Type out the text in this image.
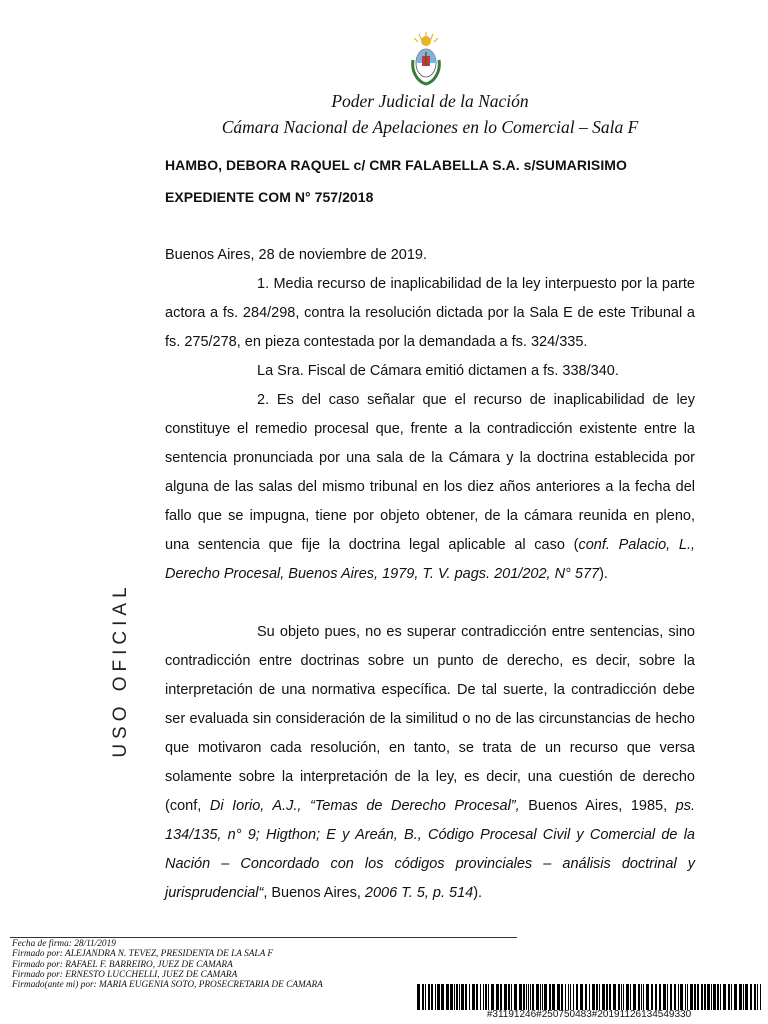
Poder Judicial de la Nación
Cámara Nacional de Apelaciones en lo Comercial – Sala F
HAMBO, DEBORA RAQUEL c/ CMR FALABELLA S.A. s/SUMARISIMO
EXPEDIENTE COM N° 757/2018

Buenos Aires, 28 de noviembre de 2019.

1. Media recurso de inaplicabilidad de la ley interpuesto por la parte actora a fs. 284/298, contra la resolución dictada por la Sala E de este Tribunal a fs. 275/278, en pieza contestada por la demandada a fs. 324/335.

La Sra. Fiscal de Cámara emitió dictamen a fs. 338/340.

2. Es del caso señalar que el recurso de inaplicabilidad de ley constituye el remedio procesal que, frente a la contradicción existente entre la sentencia pronunciada por una sala de la Cámara y la doctrina establecida por alguna de las salas del mismo tribunal en los diez años anteriores a la fecha del fallo que se impugna, tiene por objeto obtener, de la cámara reunida en pleno, una sentencia que fije la doctrina legal aplicable al caso (conf. Palacio, L., Derecho Procesal, Buenos Aires, 1979, T. V. pags. 201/202, N° 577).

Su objeto pues, no es superar contradicción entre sentencias, sino contradicción entre doctrinas sobre un punto de derecho, es decir, sobre la interpretación de una normativa específica. De tal suerte, la contradicción debe ser evaluada sin consideración de la similitud o no de las circunstancias de hecho que motivaron cada resolución, en tanto, se trata de un recurso que versa solamente sobre la interpretación de la ley, es decir, una cuestión de derecho (conf, Di Iorio, A.J., “Temas de Derecho Procesal”, Buenos Aires, 1985, ps. 134/135, n° 9; Higthon; E y Areán, B., Código Procesal Civil y Comercial de la Nación – Concordado con los códigos provinciales – análisis doctrinal y jurisprudencial“, Buenos Aires, 2006 T. 5, p. 514).

USO OFICIAL
Fecha de firma: 28/11/2019
Firmado por: ALEJANDRA N. TEVEZ, PRESIDENTA DE LA SALA F
Firmado por: RAFAEL F. BARREIRO, JUEZ DE CAMARA
Firmado por: ERNESTO LUCCHELLI, JUEZ DE CAMARA
Firmado(ante mi) por: MARIA EUGENIA SOTO, PROSECRETARIA DE CAMARA
#31191246#250750483#20191126134549330
